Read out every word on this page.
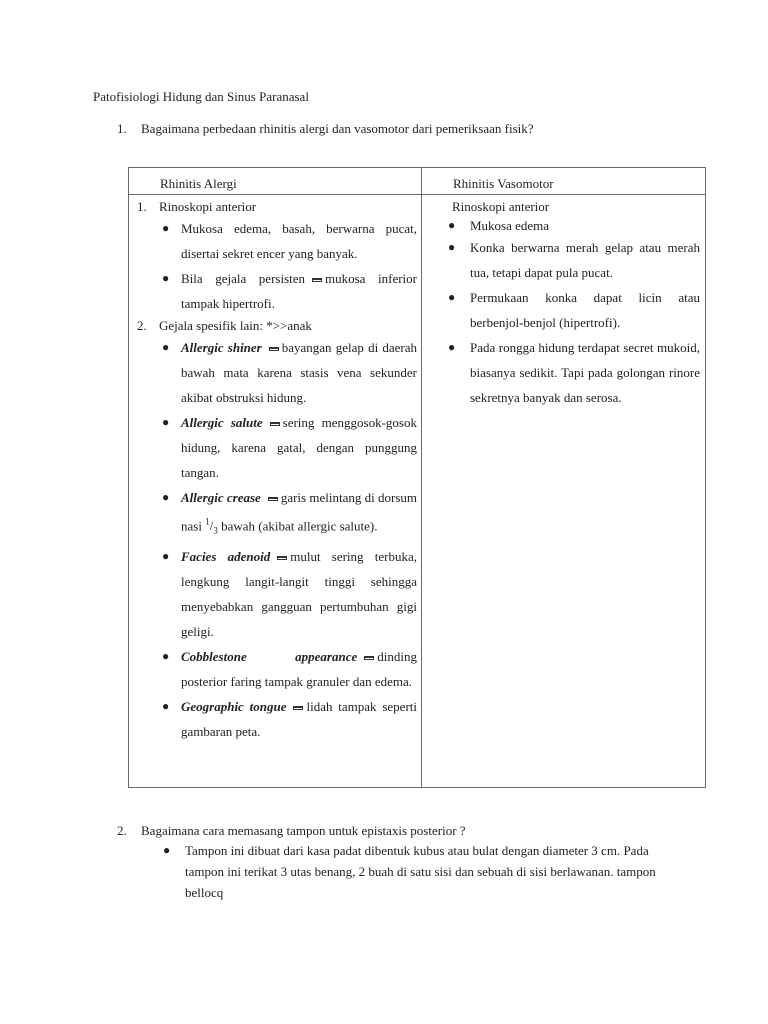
Patofisiologi Hidung dan Sinus Paranasal
1. Bagaimana perbedaan rhinitis alergi dan vasomotor dari pemeriksaan fisik?
Rhinitis Alergi	Rhinitis Vasomotor
1. Rinoskopi anterior
● Mukosa edema, basah, berwarna pucat, disertai sekret encer yang banyak.
● Bila gejala persisten mukosa inferior tampak hipertrofi.
2. Gejala spesifik lain: *>>anak
● Allergic shiner bayangan gelap di daerah bawah mata karena stasis vena sekunder akibat obstruksi hidung.
● Allergic salute sering menggosok-gosok hidung, karena gatal, dengan punggung tangan.
● Allergic crease garis melintang di dorsum nasi $^1/_3$ bawah (akibat allergic salute).
● Facies adenoid mulut sering terbuka, lengkung langit-langit tinggi sehingga menyebabkan gangguan pertumbuhan gigi geligi.
● Cobblestone appearance dinding posterior faring tampak granuler dan edema.
● Geographic tongue lidah tampak seperti gambaran peta.
Rinoskopi anterior
● Mukosa edema
● Konka berwarna merah gelap atau merah tua, tetapi dapat pula pucat.
● Permukaan konka dapat licin atau berbenjol-benjol (hipertrofi).
● Pada rongga hidung terdapat secret mukoid, biasanya sedikit. Tapi pada golongan rinore sekretnya banyak dan serosa.
2. Bagaimana cara memasang tampon untuk epistaxis posterior ?
● Tampon ini dibuat dari kasa padat dibentuk kubus atau bulat dengan diameter 3 cm. Pada tampon ini terikat 3 utas benang, 2 buah di satu sisi dan sebuah di sisi berlawanan. tampon bellocq
